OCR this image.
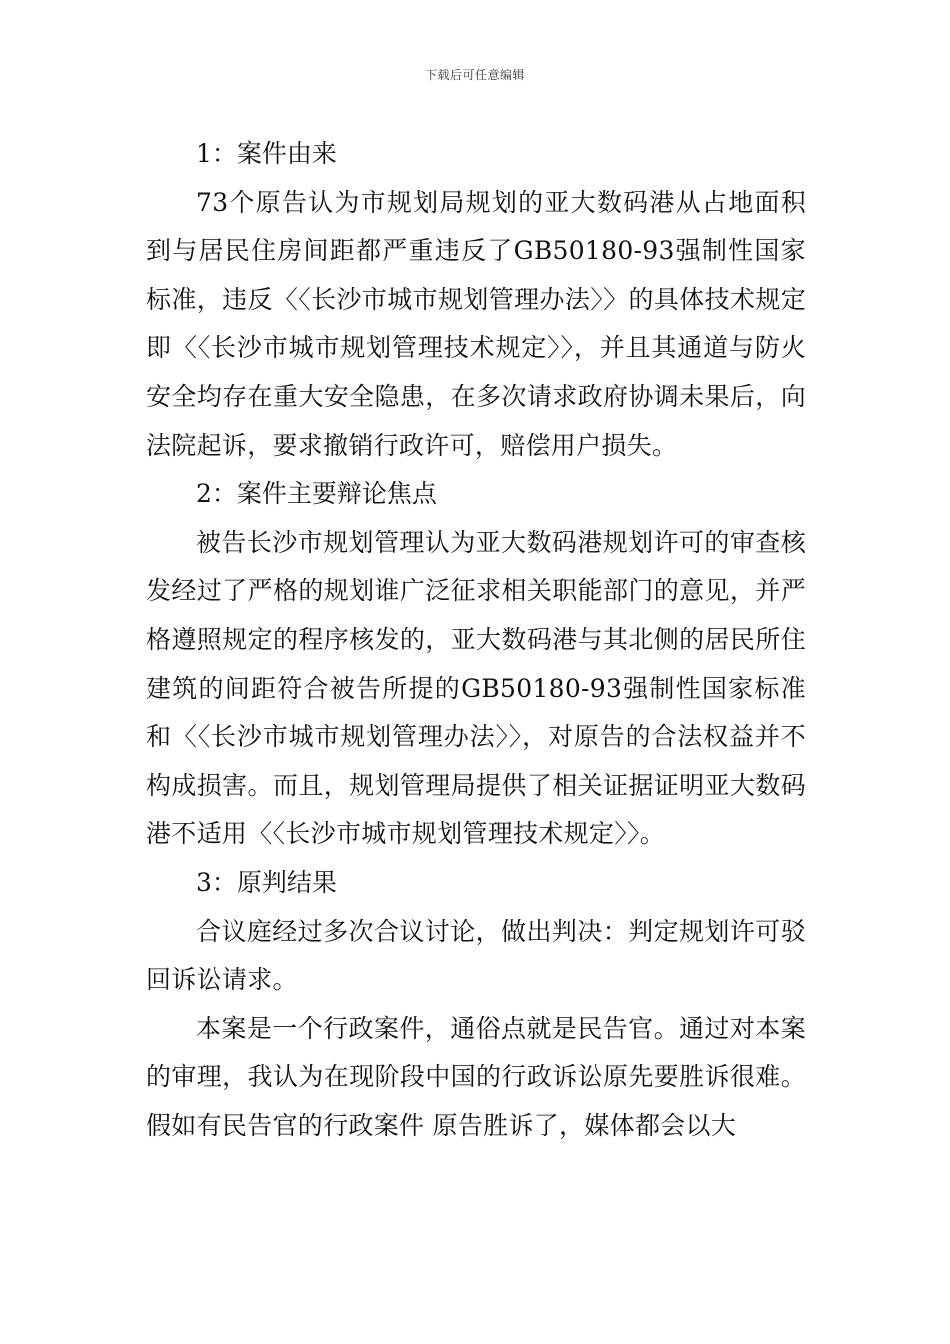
下载后可任意编辑

1：案件由来

73个原告认为市规划局规划的亚大数码港从占地面积到与居民住房间距都严重违反了GB50180-93强制性国家标准，违反〈〈长沙市城市规划管理办法〉〉的具体技术规定即〈〈长沙市城市规划管理技术规定〉〉，并且其通道与防火安全均存在重大安全隐患，在多次请求政府协调未果后，向法院起诉，要求撤销行政许可，赔偿用户损失。

2：案件主要辩论焦点

被告长沙市规划管理认为亚大数码港规划许可的审查核发经过了严格的规划谁广泛征求相关职能部门的意见，并严格遵照规定的程序核发的，亚大数码港与其北侧的居民所住建筑的间距符合被告所提的GB50180-93强制性国家标准和〈〈长沙市城市规划管理办法〉〉，对原告的合法权益并不构成损害。而且，规划管理局提供了相关证据证明亚大数码港不适用〈〈长沙市城市规划管理技术规定〉〉。

3：原判结果

合议庭经过多次合议讨论，做出判决：判定规划许可驳回诉讼请求。

本案是一个行政案件，通俗点就是民告官。通过对本案的审理，我认为在现阶段中国的行政诉讼原先要胜诉很难。假如有民告官的行政案件 原告胜诉了，媒体都会以大
